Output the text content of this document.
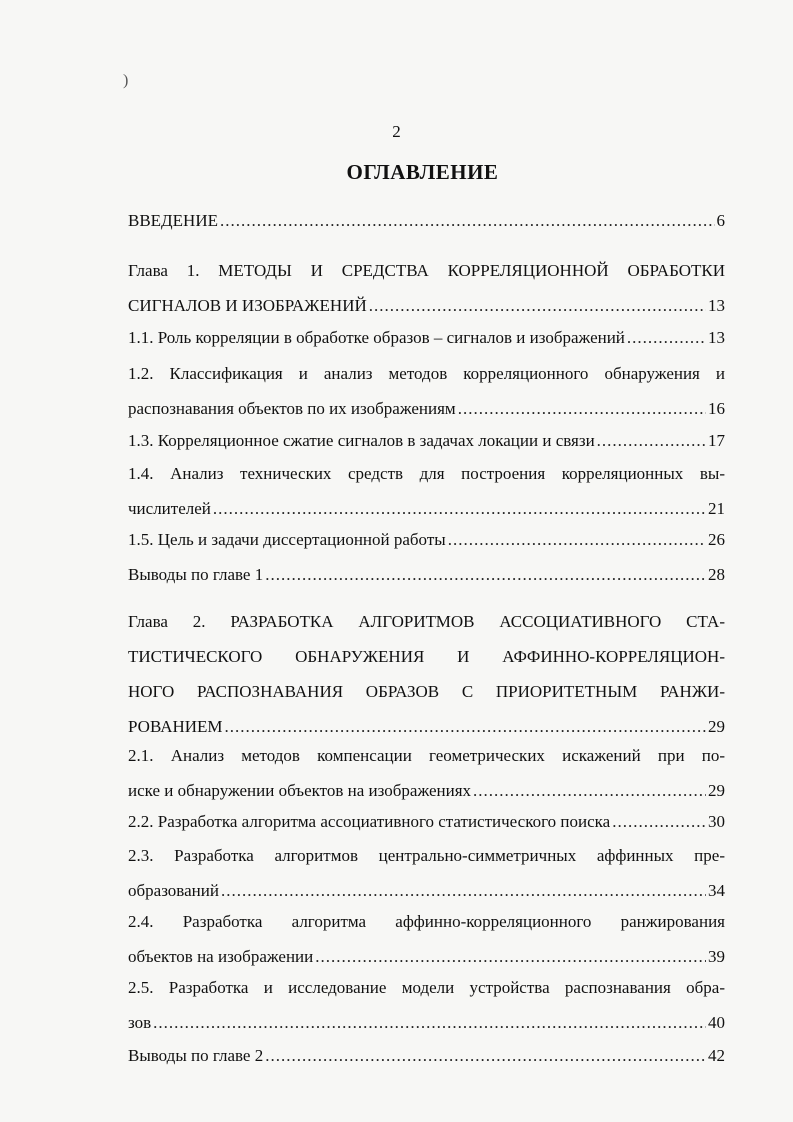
)
2
ОГЛАВЛЕНИЕ
ВВЕДЕНИЕ .....	6
Глава 1. МЕТОДЫ И СРЕДСТВА КОРРЕЛЯЦИОННОЙ ОБРАБОТКИ
СИГНАЛОВ И ИЗОБРАЖЕНИЙ .....	13
1.1. Роль корреляции в обработке образов – сигналов и изображений .....	13
1.2. Классификация и анализ методов корреляционного обнаружения и
распознавания объектов по их изображениям .....	16
1.3. Корреляционное сжатие сигналов в задачах локации и связи .....	17
1.4. Анализ технических средств для построения корреляционных вы-
числителей .....	21
1.5. Цель и задачи диссертационной работы .....	26
Выводы по главе 1 .....	28
Глава 2. РАЗРАБОТКА АЛГОРИТМОВ АССОЦИАТИВНОГО СТА-
ТИСТИЧЕСКОГО ОБНАРУЖЕНИЯ И АФФИННО-КОРРЕЛЯЦИОН-
НОГО РАСПОЗНАВАНИЯ ОБРАЗОВ С ПРИОРИТЕТНЫМ РАНЖИ-
РОВАНИЕМ .....	29
2.1. Анализ методов компенсации геометрических искажений при по-
иске и обнаружении объектов на изображениях .....	29
2.2. Разработка алгоритма ассоциативного статистического поиска .....	30
2.3. Разработка алгоритмов центрально-симметричных аффинных пре-
образований .....	34
2.4. Разработка алгоритма аффинно-корреляционного ранжирования
объектов на изображении .....	39
2.5. Разработка и исследование модели устройства распознавания обра-
зов .....	40
Выводы по главе 2 .....	42
